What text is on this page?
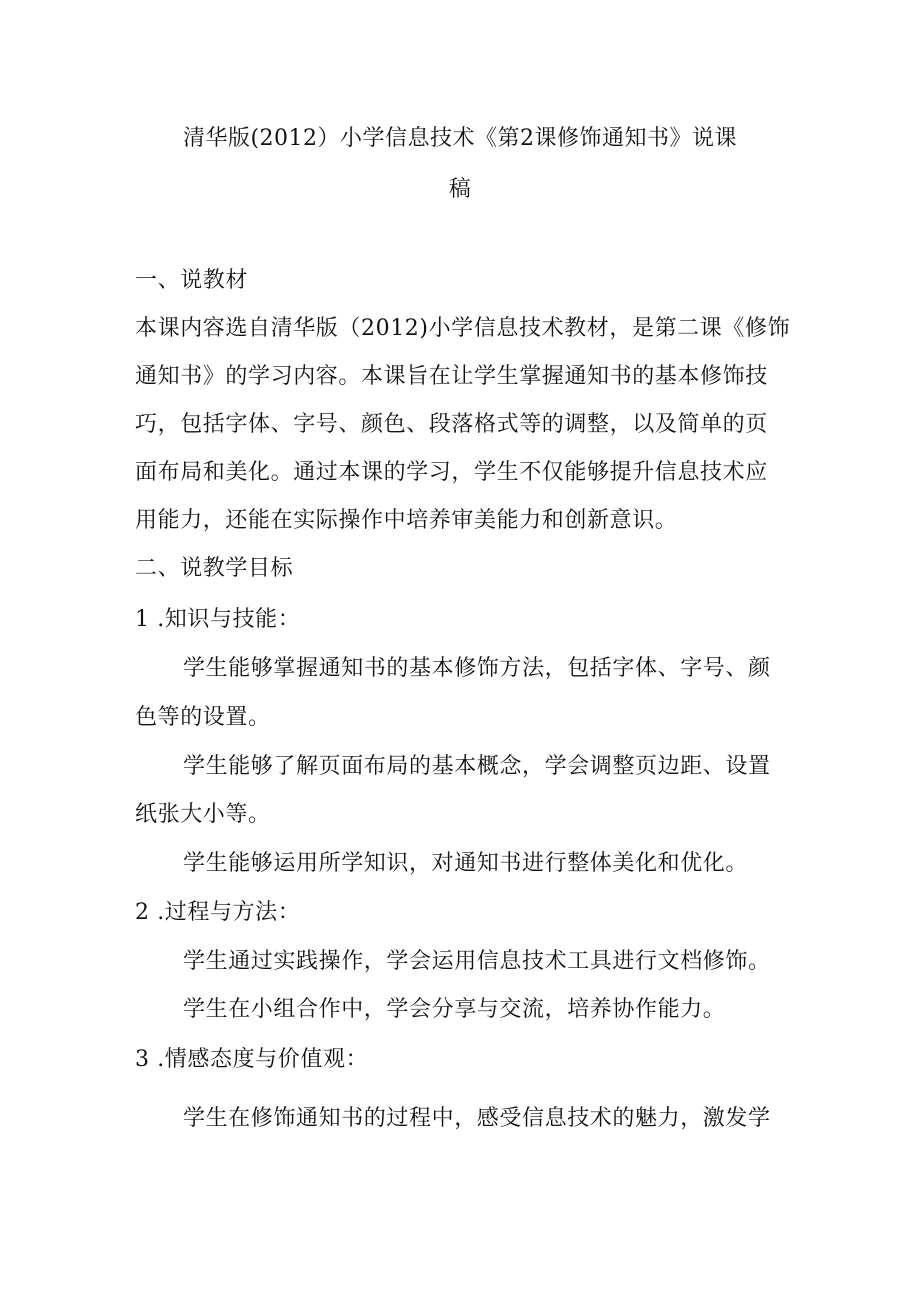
清华版(2012）小学信息技术《第2课修饰通知书》说课
稿

一、说教材

本课内容选自清华版（2012)小学信息技术教材，是第二课《修饰

通知书》的学习内容。本课旨在让学生掌握通知书的基本修饰技

巧，包括字体、字号、颜色、段落格式等的调整，以及简单的页

面布局和美化。通过本课的学习，学生不仅能够提升信息技术应

用能力，还能在实际操作中培养审美能力和创新意识。

二、说教学目标

1 .知识与技能：

学生能够掌握通知书的基本修饰方法，包括字体、字号、颜

色等的设置。

学生能够了解页面布局的基本概念，学会调整页边距、设置

纸张大小等。

学生能够运用所学知识，对通知书进行整体美化和优化。

2 .过程与方法：

学生通过实践操作，学会运用信息技术工具进行文档修饰。

学生在小组合作中，学会分享与交流，培养协作能力。

3 .情感态度与价值观：

学生在修饰通知书的过程中，感受信息技术的魅力，激发学
